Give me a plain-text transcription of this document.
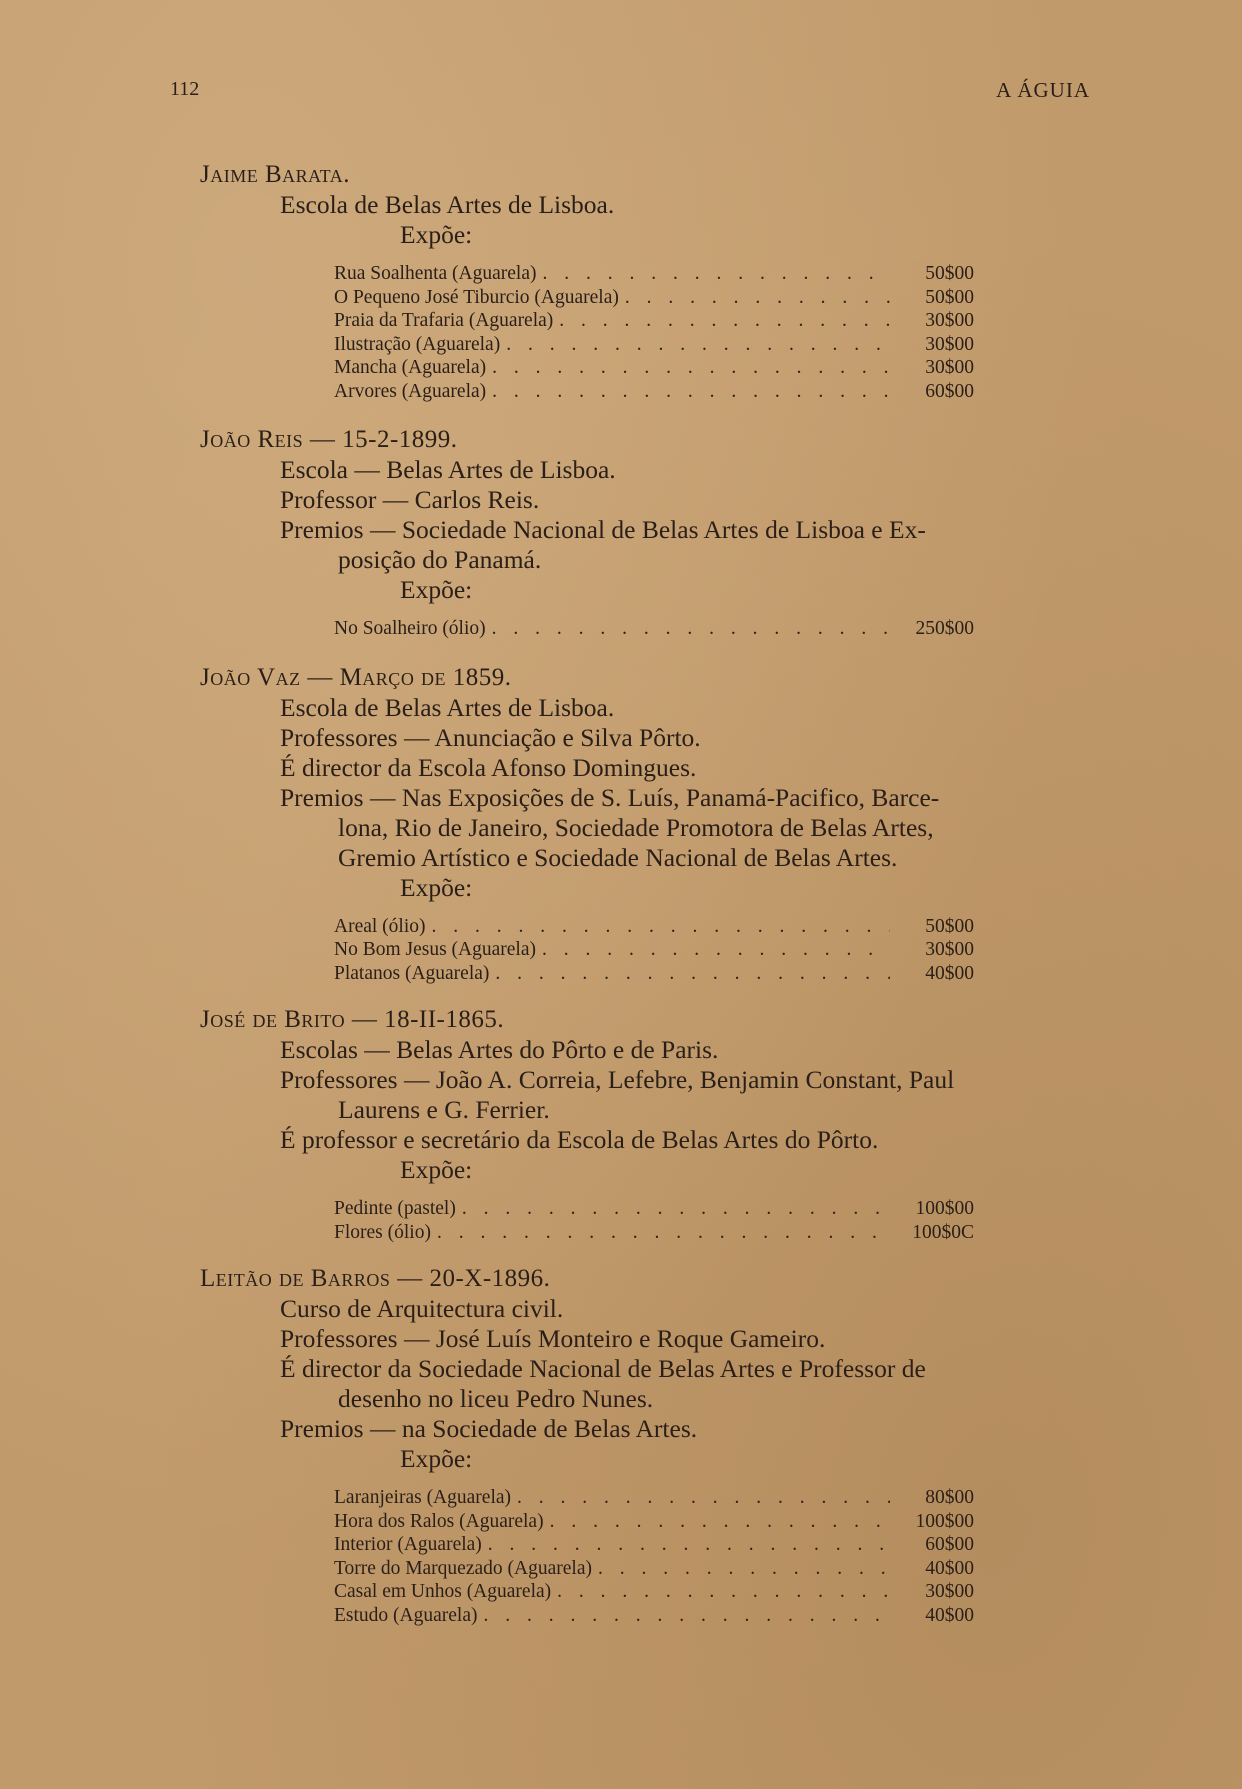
112	A ÁGUIA
Jaime Barata.
Escola de Belas Artes de Lisboa.
Expõe:
Rua Soalhenta (Aguarela) . . .	50$00
O Pequeno José Tiburcio (Aguarela) . . .	50$00
Praia da Trafaria (Aguarela) . . .	30$00
Ilustração (Aguarela) . . .	30$00
Mancha (Aguarela) . . .	30$00
Arvores (Aguarela) . . .	60$00
João Reis — 15-2-1899.
Escola — Belas Artes de Lisboa.
Professor — Carlos Reis.
Premios — Sociedade Nacional de Belas Artes de Lisboa e Ex-
posição do Panamá.
Expõe:
No Soalheiro (ólio) . . .	250$00
João Vaz — Março de 1859.
Escola de Belas Artes de Lisboa.
Professores — Anunciação e Silva Pôrto.
É director da Escola Afonso Domingues.
Premios — Nas Exposições de S. Luís, Panamá-Pacifico, Barce-
lona, Rio de Janeiro, Sociedade Promotora de Belas Artes,
Gremio Artístico e Sociedade Nacional de Belas Artes.
Expõe:
Areal (ólio) . . .	50$00
No Bom Jesus (Aguarela) . . .	30$00
Platanos (Aguarela) . . .	40$00
José de Brito — 18-II-1865.
Escolas — Belas Artes do Pôrto e de Paris.
Professores — João A. Correia, Lefebre, Benjamin Constant, Paul
Laurens e G. Ferrier.
É professor e secretário da Escola de Belas Artes do Pôrto.
Expõe:
Pedinte (pastel) . . .	100$00
Flores (ólio) . . .	100$0C
Leitão de Barros — 20-X-1896.
Curso de Arquitectura civil.
Professores — José Luís Monteiro e Roque Gameiro.
É director da Sociedade Nacional de Belas Artes e Professor de
desenho no liceu Pedro Nunes.
Premios — na Sociedade de Belas Artes.
Expõe:
Laranjeiras (Aguarela) . . .	80$00
Hora dos Ralos (Aguarela) . . .	100$00
Interior (Aguarela) . . .	60$00
Torre do Marquezado (Aguarela) . . .	40$00
Casal em Unhos (Aguarela) . . .	30$00
Estudo (Aguarela) . . .	40$00
